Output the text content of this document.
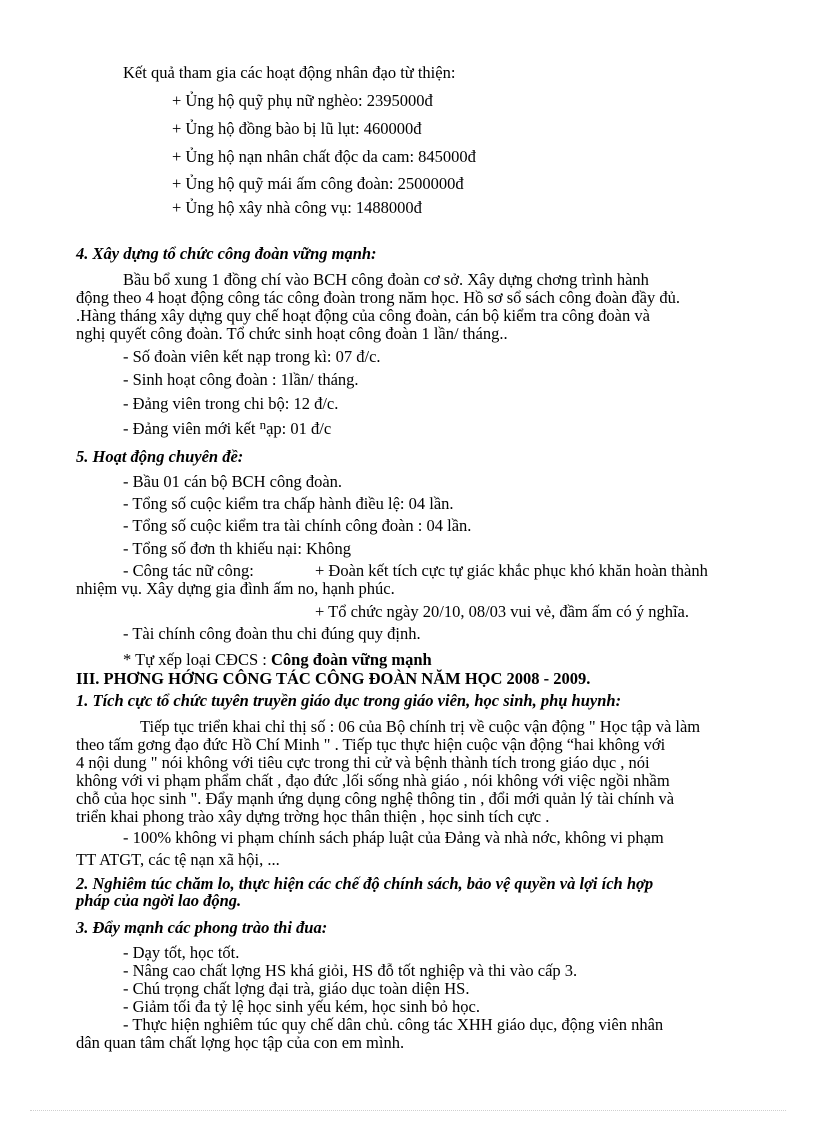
Kết quả tham gia các hoạt động nhân đạo từ thiện:
+ Ủng hộ quỹ phụ nữ nghèo: 2395000đ
+ Ủng hộ đồng bào bị lũ lụt: 460000đ
+ Ủng hộ nạn nhân chất độc da cam: 845000đ
+ Ủng hộ quỹ mái ấm công đoàn: 2500000đ
+ Ủng hộ xây nhà công vụ: 1488000đ
4. Xây dựng tổ chức công đoàn vững mạnh:
Bầu bổ xung 1 đồng chí vào BCH công đoàn cơ sở. Xây dựng chơng trình hành
động theo 4 hoạt động công tác công đoàn trong năm học. Hồ sơ sổ sách công đoàn đầy đủ.
.Hàng tháng xây dựng quy chế hoạt động của công đoàn, cán bộ kiểm tra công đoàn và
nghị quyết công đoàn. Tổ chức sinh hoạt công đoàn 1 lần/ tháng..
- Số đoàn viên kết nạp trong kì: 07 đ/c.
- Sinh hoạt công đoàn : 1lần/ tháng.
- Đảng viên trong chi bộ: 12 đ/c.
- Đảng viên mới kết $^n$ạp: 01 đ/c
5. Hoạt động chuyên đề:
- Bầu 01 cán bộ BCH công đoàn.
- Tổng số cuộc kiểm tra chấp hành điều lệ: 04 lần.
- Tổng số cuộc kiểm tra tài chính công đoàn : 04 lần.
- Tổng số đơn th khiếu nại: Không
- Công tác nữ công:	+ Đoàn kết tích cực tự giác khắc phục khó khăn hoàn thành
nhiệm vụ. Xây dựng gia đình ấm no, hạnh phúc.
+ Tổ chức ngày 20/10, 08/03 vui vẻ, đầm ấm có ý nghĩa.
- Tài chính công đoàn thu chi đúng quy định.
* Tự xếp loại CĐCS : Công đoàn vững mạnh
III. PHƠNG HỚNG CÔNG TÁC CÔNG ĐOÀN NĂM HỌC 2008 - 2009.
1. Tích cực tổ chức tuyên truyền giáo dục trong giáo viên, học sinh, phụ huynh:
Tiếp tục triển khai chỉ thị số : 06 của Bộ chính trị về cuộc vận động " Học tập và làm
theo tấm gơng đạo đức Hồ Chí Minh " . Tiếp tục thực hiện cuộc vận động “hai không với
4 nội dung " nói không với tiêu cực trong thi cử và bệnh thành tích trong giáo dục , nói
không với vi phạm phẩm chất , đạo đức ,lối sống nhà giáo , nói không với việc ngồi nhầm
chỗ của học sinh ". Đẩy mạnh ứng dụng công nghệ thông tin , đổi mới quản lý tài chính và
triển khai phong trào xây dựng trờng học thân thiện , học sinh tích cực .
- 100% không vi phạm chính sách pháp luật của Đảng và nhà nớc, không vi phạm
TT ATGT, các tệ nạn xã hội, ...
2. Nghiêm túc chăm lo, thực hiện các chế độ chính sách, bảo vệ quyền và lợi ích hợp
pháp của ngời lao động.
3. Đẩy mạnh các phong trào thi đua:
- Dạy tốt, học tốt.
- Nâng cao chất lợng HS khá giỏi, HS đỗ tốt nghiệp và thi vào cấp 3.
- Chú trọng chất lợng đại trà, giáo dục toàn diện HS.
- Giảm tối đa tỷ lệ học sinh yếu kém, học sinh bỏ học.
- Thực hiện nghiêm túc quy chế dân chủ. công tác XHH giáo dục, động viên nhân
dân quan tâm chất lợng học tập của con em mình.
